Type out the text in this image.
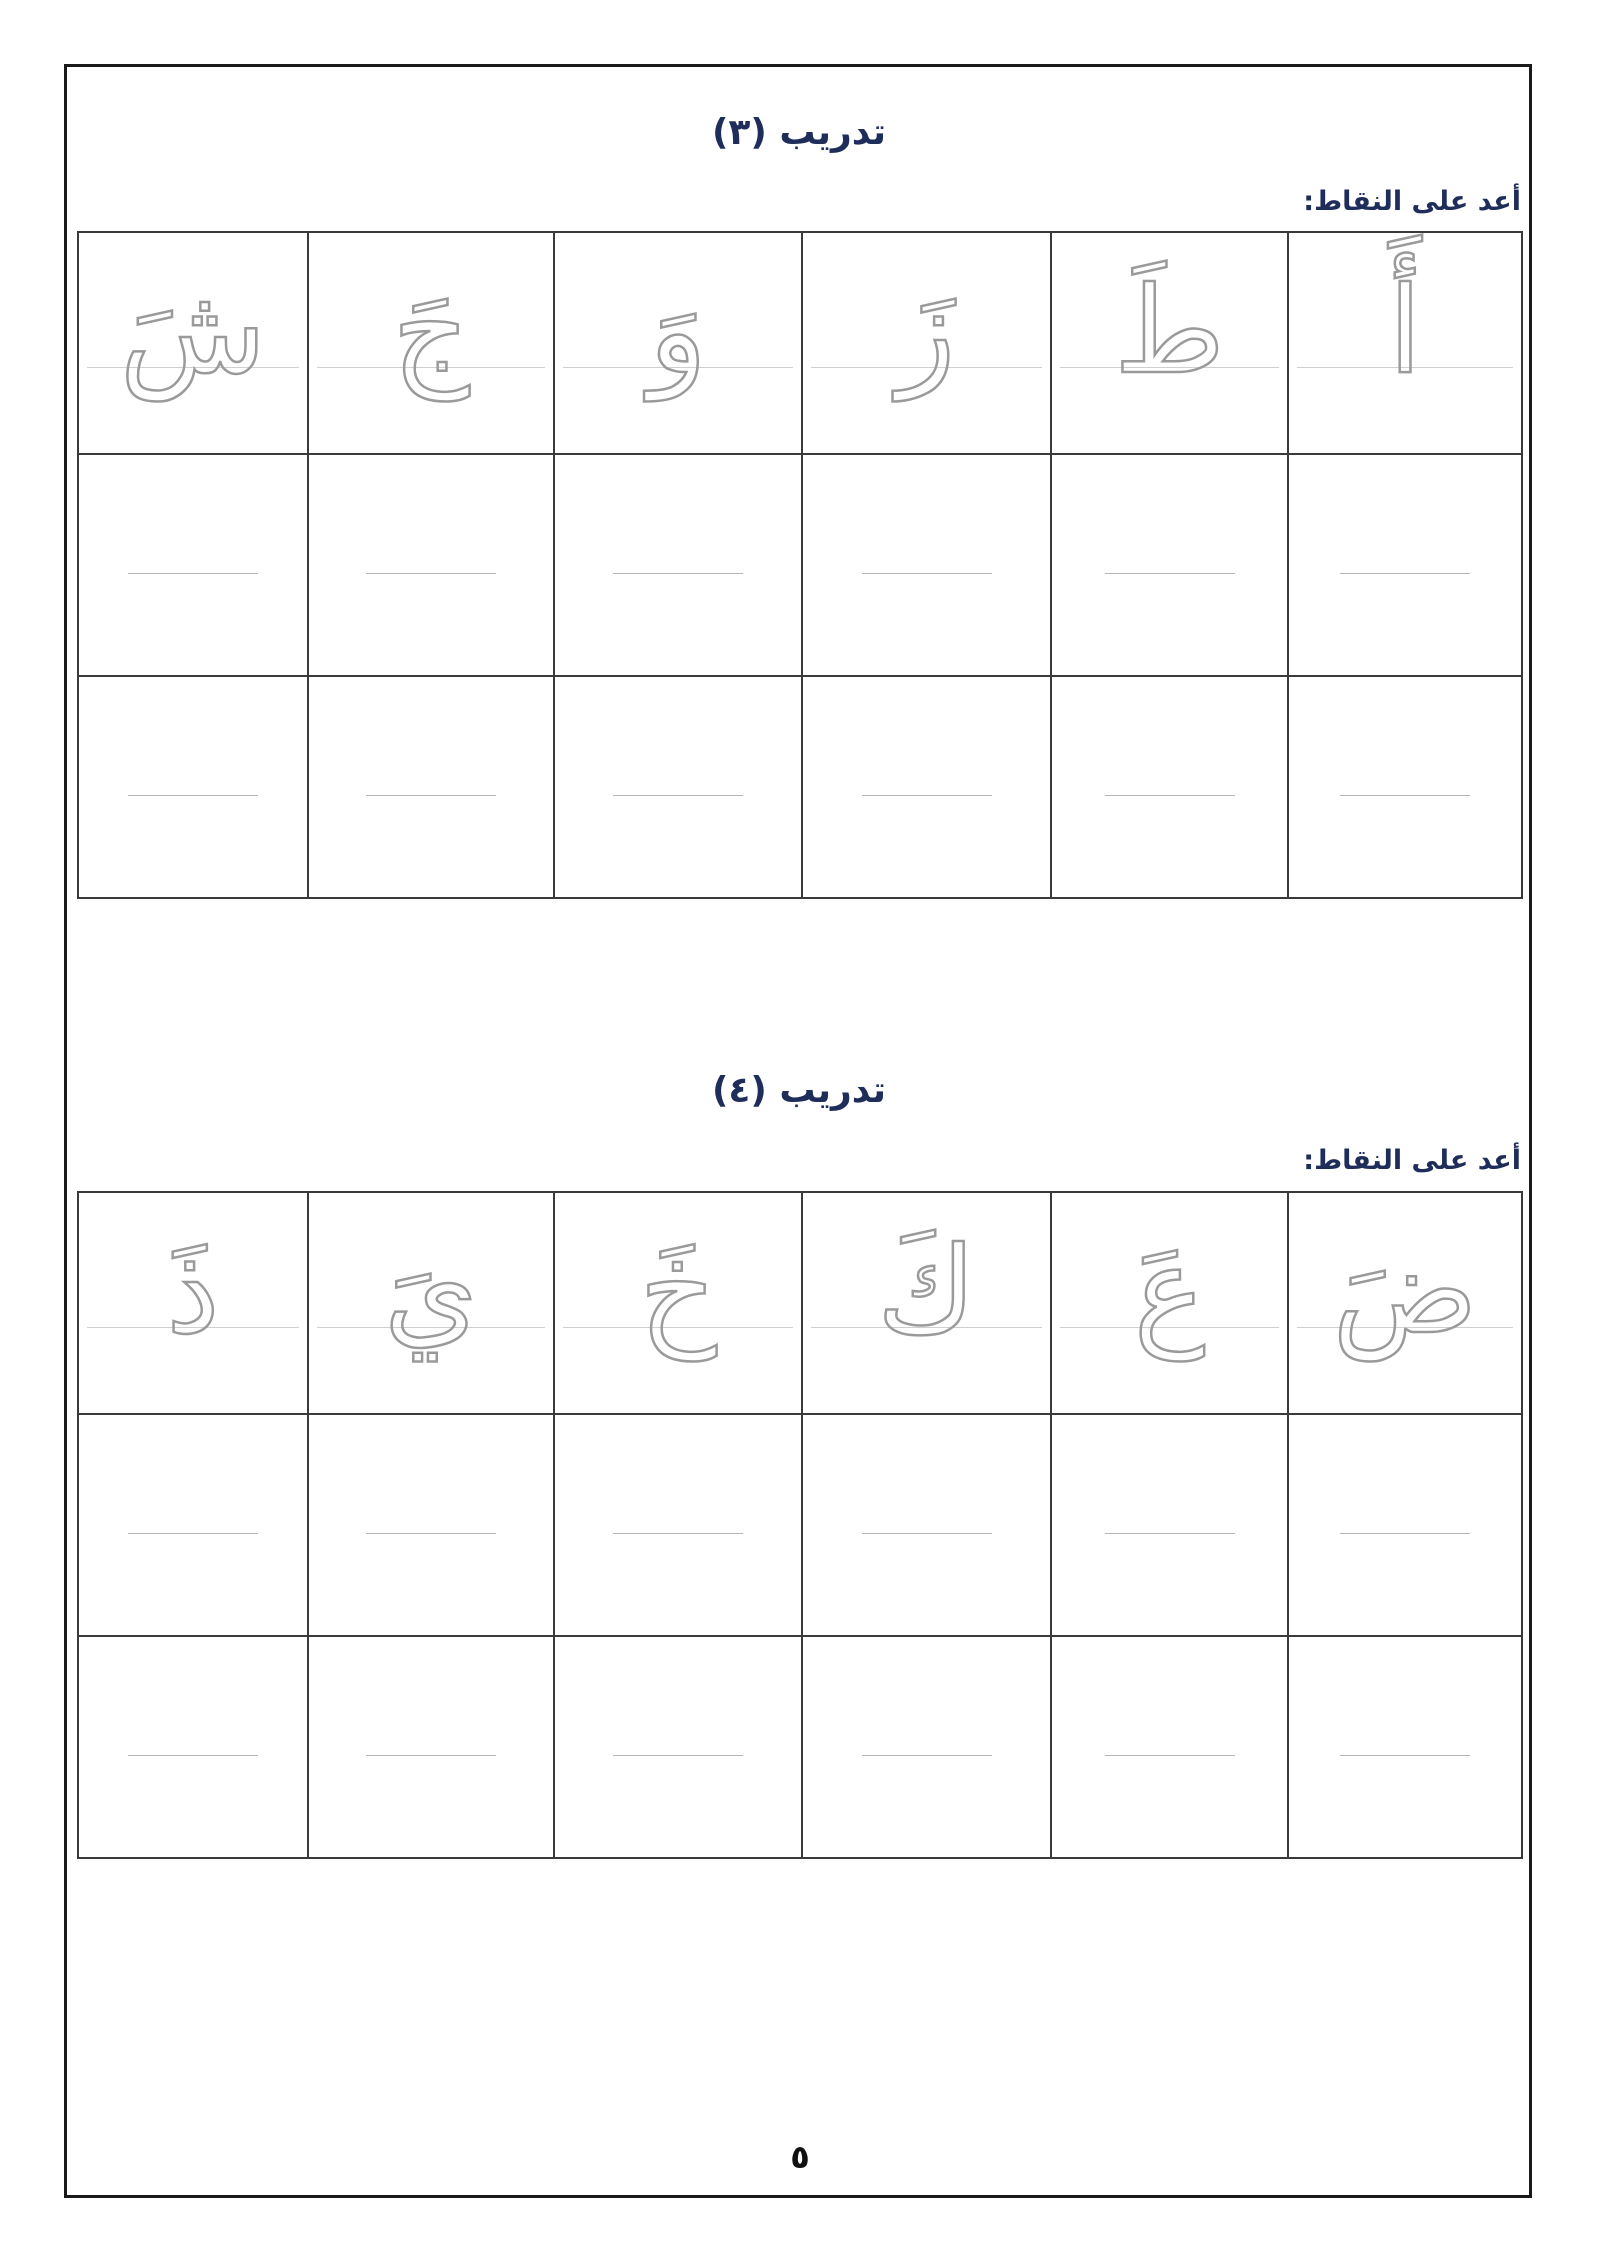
تدريب (٣)

أعد على النقاط:

أَ	طَ	زَ	وَ	جَ	شَ

تدريب (٤)

أعد على النقاط:

ضَ	عَ	كَ	خَ	يَ	ذَ

٥
